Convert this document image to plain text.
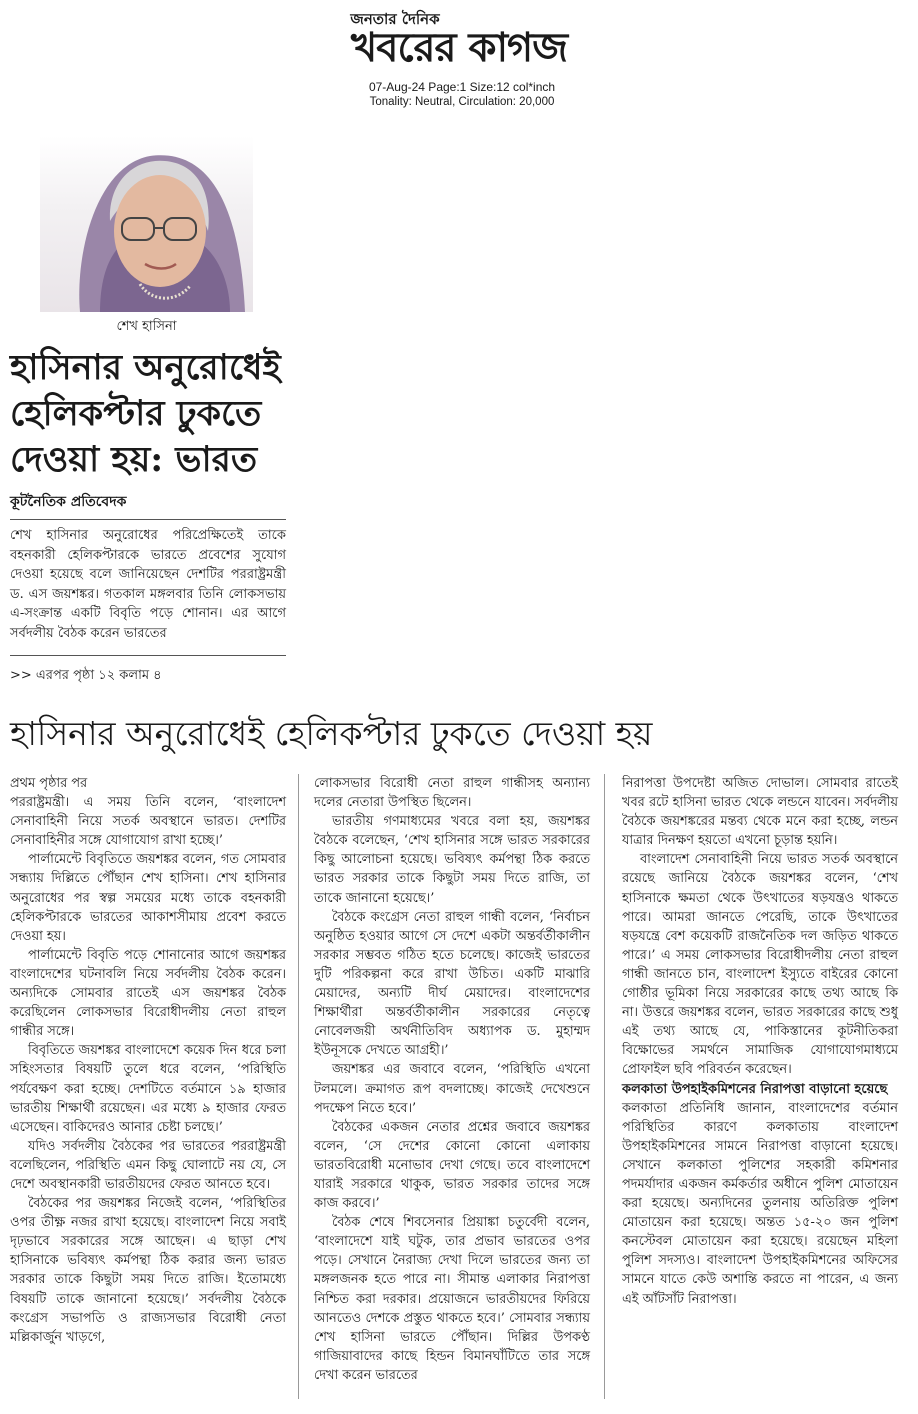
জনতার দৈনিক
খবরের কাগজ
07-Aug-24 Page:1 Size:12 col*inch
Tonality: Neutral, Circulation: 20,000
শেখ হাসিনা
হাসিনার অনুরোধেই হেলিকপ্টার ঢুকতে দেওয়া হয়: ভারত
কূটনৈতিক প্রতিবেদক
শেখ হাসিনার অনুরোধের পরিপ্রেক্ষিতেই তাকে বহনকারী হেলিকপ্টারকে ভারতে প্রবেশের সুযোগ দেওয়া হয়েছে বলে জানিয়েছেন দেশটির পররাষ্ট্রমন্ত্রী ড. এস জয়শঙ্কর। গতকাল মঙ্গলবার তিনি লোকসভায় এ-সংক্রান্ত একটি বিবৃতি পড়ে শোনান। এর আগে সর্বদলীয় বৈঠক করেন ভারতের
>> এরপর পৃষ্ঠা ১২ কলাম ৪
হাসিনার অনুরোধেই হেলিকপ্টার ঢুকতে দেওয়া হয়

প্রথম পৃষ্ঠার পর

পররাষ্ট্রমন্ত্রী। এ সময় তিনি বলেন, ‘বাংলাদেশ সেনাবাহিনী নিয়ে সতর্ক অবস্থানে ভারত। দেশটির সেনাবাহিনীর সঙ্গে যোগাযোগ রাখা হচ্ছে।’

পার্লামেন্টে বিবৃতিতে জয়শঙ্কর বলেন, গত সোমবার সন্ধ্যায় দিল্লিতে পৌঁছান শেখ হাসিনা। শেখ হাসিনার অনুরোধের পর স্বল্প সময়ের মধ্যে তাকে বহনকারী হেলিকপ্টারকে ভারতের আকাশসীমায় প্রবেশ করতে দেওয়া হয়।

পার্লামেন্টে বিবৃতি পড়ে শোনানোর আগে জয়শঙ্কর বাংলাদেশের ঘটনাবলি নিয়ে সর্বদলীয় বৈঠক করেন। অন্যদিকে সোমবার রাতেই এস জয়শঙ্কর বৈঠক করেছিলেন লোকসভার বিরোধীদলীয় নেতা রাহুল গান্ধীর সঙ্গে।

বিবৃতিতে জয়শঙ্কর বাংলাদেশে কয়েক দিন ধরে চলা সহিংসতার বিষয়টি তুলে ধরে বলেন, ‘পরিস্থিতি পর্যবেক্ষণ করা হচ্ছে। দেশটিতে বর্তমানে ১৯ হাজার ভারতীয় শিক্ষার্থী রয়েছেন। এর মধ্যে ৯ হাজার ফেরত এসেছেন। বাকিদেরও আনার চেষ্টা চলছে।’

যদিও সর্বদলীয় বৈঠকের পর ভারতের পররাষ্ট্রমন্ত্রী বলেছিলেন, পরিস্থিতি এমন কিছু ঘোলাটে নয় যে, সে দেশে অবস্থানকারী ভারতীয়দের ফেরত আনতে হবে।

বৈঠকের পর জয়শঙ্কর নিজেই বলেন, ‘পরিস্থিতির ওপর তীক্ষ্ণ নজর রাখা হয়েছে। বাংলাদেশ নিয়ে সবাই দৃঢ়ভাবে সরকারের সঙ্গে আছেন। এ ছাড়া শেখ হাসিনাকে ভবিষ্যৎ কর্মপন্থা ঠিক করার জন্য ভারত সরকার তাকে কিছুটা সময় দিতে রাজি। ইতোমধ্যে বিষয়টি তাকে জানানো হয়েছে।’ সর্বদলীয় বৈঠকে কংগ্রেস সভাপতি ও রাজ্যসভার বিরোধী নেতা মল্লিকার্জুন খাড়গে,

লোকসভার বিরোধী নেতা রাহুল গান্ধীসহ অন্যান্য দলের নেতারা উপস্থিত ছিলেন।

ভারতীয় গণমাধ্যমের খবরে বলা হয়, জয়শঙ্কর বৈঠকে বলেছেন, ‘শেখ হাসিনার সঙ্গে ভারত সরকারের কিছু আলোচনা হয়েছে। ভবিষ্যৎ কর্মপন্থা ঠিক করতে ভারত সরকার তাকে কিছুটা সময় দিতে রাজি, তা তাকে জানানো হয়েছে।’

বৈঠকে কংগ্রেস নেতা রাহুল গান্ধী বলেন, ‘নির্বাচন অনুষ্ঠিত হওয়ার আগে সে দেশে একটা অন্তর্বর্তীকালীন সরকার সম্ভবত গঠিত হতে চলেছে। কাজেই ভারতের দুটি পরিকল্পনা করে রাখা উচিত। একটি মাঝারি মেয়াদের, অন্যটি দীর্ঘ মেয়াদের। বাংলাদেশের শিক্ষার্থীরা অন্তর্বর্তীকালীন সরকারের নেতৃত্বে নোবেলজয়ী অর্থনীতিবিদ অধ্যাপক ড. মুহাম্মদ ইউনূসকে দেখতে আগ্রহী।’

জয়শঙ্কর এর জবাবে বলেন, ‘পরিস্থিতি এখনো টলমলে। ক্রমাগত রূপ বদলাচ্ছে। কাজেই দেখেশুনে পদক্ষেপ নিতে হবে।’

বৈঠকের একজন নেতার প্রশ্নের জবাবে জয়শঙ্কর বলেন, ‘সে দেশের কোনো কোনো এলাকায় ভারতবিরোধী মনোভাব দেখা গেছে। তবে বাংলাদেশে যারাই সরকারে থাকুক, ভারত সরকার তাদের সঙ্গে কাজ করবে।’

বৈঠক শেষে শিবসেনার প্রিয়াঙ্কা চতুর্বেদী বলেন, ‘বাংলাদেশে যাই ঘটুক, তার প্রভাব ভারতের ওপর পড়ে। সেখানে নৈরাজ্য দেখা দিলে ভারতের জন্য তা মঙ্গলজনক হতে পারে না। সীমান্ত এলাকার নিরাপত্তা নিশ্চিত করা দরকার। প্রয়োজনে ভারতীয়দের ফিরিয়ে আনতেও দেশকে প্রস্তুত থাকতে হবে।’ সোমবার সন্ধ্যায় শেখ হাসিনা ভারতে পৌঁছান। দিল্লির উপকণ্ঠ গাজিয়াবাদের কাছে হিন্ডন বিমানঘাঁটিতে তার সঙ্গে দেখা করেন ভারতের

নিরাপত্তা উপদেষ্টা অজিত দোভাল। সোমবার রাতেই খবর রটে হাসিনা ভারত থেকে লন্ডনে যাবেন। সর্বদলীয় বৈঠকে জয়শঙ্করের মন্তব্য থেকে মনে করা হচ্ছে, লন্ডন যাত্রার দিনক্ষণ হয়তো এখনো চূড়ান্ত হয়নি।

বাংলাদেশ সেনাবাহিনী নিয়ে ভারত সতর্ক অবস্থানে রয়েছে জানিয়ে বৈঠকে জয়শঙ্কর বলেন, ‘শেখ হাসিনাকে ক্ষমতা থেকে উৎখাতের ষড়যন্ত্রও থাকতে পারে। আমরা জানতে পেরেছি, তাকে উৎখাতের ষড়যন্ত্রে বেশ কয়েকটি রাজনৈতিক দল জড়িত থাকতে পারে।’ এ সময় লোকসভার বিরোধীদলীয় নেতা রাহুল গান্ধী জানতে চান, বাংলাদেশ ইস্যুতে বাইরের কোনো গোষ্ঠীর ভূমিকা নিয়ে সরকারের কাছে তথ্য আছে কি না। উত্তরে জয়শঙ্কর বলেন, ভারত সরকারের কাছে শুধু এই তথ্য আছে যে, পাকিস্তানের কূটনীতিকরা বিক্ষোভের সমর্থনে সামাজিক যোগাযোগমাধ্যমে প্রোফাইল ছবি পরিবর্তন করেছেন।

কলকাতা উপহাইকমিশনের নিরাপত্তা বাড়ানো হয়েছে

কলকাতা প্রতিনিধি জানান, বাংলাদেশের বর্তমান পরিস্থিতির কারণে কলকাতায় বাংলাদেশ উপহাইকমিশনের সামনে নিরাপত্তা বাড়ানো হয়েছে। সেখানে কলকাতা পুলিশের সহকারী কমিশনার পদমর্যাদার একজন কর্মকর্তার অধীনে পুলিশ মোতায়েন করা হয়েছে। অন্যদিনের তুলনায় অতিরিক্ত পুলিশ মোতায়েন করা হয়েছে। অন্তত ১৫-২০ জন পুলিশ কনস্টেবল মোতায়েন করা হয়েছে। রয়েছেন মহিলা পুলিশ সদস্যও। বাংলাদেশ উপহাইকমিশনের অফিসের সামনে যাতে কেউ অশান্তি করতে না পারেন, এ জন্য এই আঁটসাঁট নিরাপত্তা।
